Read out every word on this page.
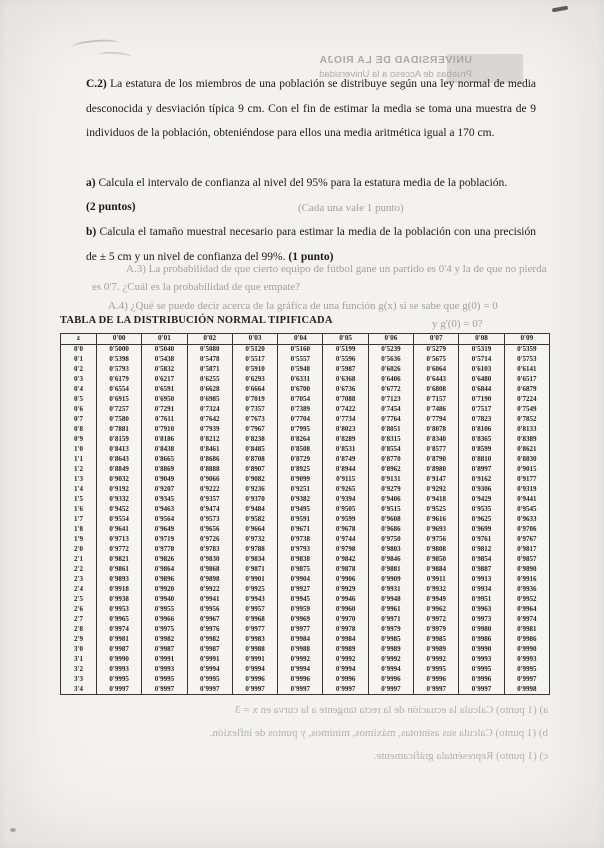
UNIVERSIDAD DE LA RIOJA
Pruebas de Acceso a la Universidad
C.2) La estatura de los miembros de una población se distribuye según una ley normal de media desconocida y desviación típica 9 cm. Con el fin de estimar la media se toma una muestra de 9 individuos de la población, obteniéndose para ellos una media aritmética igual a 170 cm.
a) Calcula el intervalo de confianza al nivel del 95% para la estatura media de la población.
(2 puntos)
b) Calcula el tamaño muestral necesario para estimar la media de la población con una precisión de ± 5 cm y un nivel de confianza del 99%. (1 punto)
(Cada una vale 1 punto)
A.3) La probabilidad de que cierto equipo de fútbol gane un partido es 0'4 y la de que no pierda
es 0'7. ¿Cuál es la probabilidad de que empate?
A.4) ¿Qué se puede decir acerca de la gráfica de una función g(x) si se sabe que g(0) = 0
y g'(0) = 0?
TABLA DE LA DISTRIBUCIÓN NORMAL TIPIFICADA
z	0'00	0'01	0'02	0'03	0'04	0'05	0'06	0'07	0'08	0'09
0'0	0'5000	0'5040	0'5080	0'5120	0'5160	0'5199	0'5239	0'5279	0'5319	0'5359
0'1	0'5398	0'5438	0'5478	0'5517	0'5557	0'5596	0'5636	0'5675	0'5714	0'5753
0'2	0'5793	0'5832	0'5871	0'5910	0'5948	0'5987	0'6026	0'6064	0'6103	0'6141
0'3	0'6179	0'6217	0'6255	0'6293	0'6331	0'6368	0'6406	0'6443	0'6480	0'6517
0'4	0'6554	0'6591	0'6628	0'6664	0'6700	0'6736	0'6772	0'6808	0'6844	0'6879
0'5	0'6915	0'6950	0'6985	0'7019	0'7054	0'7088	0'7123	0'7157	0'7190	0'7224
0'6	0'7257	0'7291	0'7324	0'7357	0'7389	0'7422	0'7454	0'7486	0'7517	0'7549
0'7	0'7580	0'7611	0'7642	0'7673	0'7704	0'7734	0'7764	0'7794	0'7823	0'7852
0'8	0'7881	0'7910	0'7939	0'7967	0'7995	0'8023	0'8051	0'8078	0'8106	0'8133
0'9	0'8159	0'8186	0'8212	0'8238	0'8264	0'8289	0'8315	0'8340	0'8365	0'8389
1'0	0'8413	0'8438	0'8461	0'8485	0'8508	0'8531	0'8554	0'8577	0'8599	0'8621
1'1	0'8643	0'8665	0'8686	0'8708	0'8729	0'8749	0'8770	0'8790	0'8810	0'8830
1'2	0'8849	0'8869	0'8888	0'8907	0'8925	0'8944	0'8962	0'8980	0'8997	0'9015
1'3	0'9032	0'9049	0'9066	0'9082	0'9099	0'9115	0'9131	0'9147	0'9162	0'9177
1'4	0'9192	0'9207	0'9222	0'9236	0'9251	0'9265	0'9279	0'9292	0'9306	0'9319
1'5	0'9332	0'9345	0'9357	0'9370	0'9382	0'9394	0'9406	0'9418	0'9429	0'9441
1'6	0'9452	0'9463	0'9474	0'9484	0'9495	0'9505	0'9515	0'9525	0'9535	0'9545
1'7	0'9554	0'9564	0'9573	0'9582	0'9591	0'9599	0'9608	0'9616	0'9625	0'9633
1'8	0'9641	0'9649	0'9656	0'9664	0'9671	0'9678	0'9686	0'9693	0'9699	0'9706
1'9	0'9713	0'9719	0'9726	0'9732	0'9738	0'9744	0'9750	0'9756	0'9761	0'9767
2'0	0'9772	0'9778	0'9783	0'9788	0'9793	0'9798	0'9803	0'9808	0'9812	0'9817
2'1	0'9821	0'9826	0'9830	0'9834	0'9838	0'9842	0'9846	0'9850	0'9854	0'9857
2'2	0'9861	0'9864	0'9868	0'9871	0'9875	0'9878	0'9881	0'9884	0'9887	0'9890
2'3	0'9893	0'9896	0'9898	0'9901	0'9904	0'9906	0'9909	0'9911	0'9913	0'9916
2'4	0'9918	0'9920	0'9922	0'9925	0'9927	0'9929	0'9931	0'9932	0'9934	0'9936
2'5	0'9938	0'9940	0'9941	0'9943	0'9945	0'9946	0'9948	0'9949	0'9951	0'9952
2'6	0'9953	0'9955	0'9956	0'9957	0'9959	0'9960	0'9961	0'9962	0'9963	0'9964
2'7	0'9965	0'9966	0'9967	0'9968	0'9969	0'9970	0'9971	0'9972	0'9973	0'9974
2'8	0'9974	0'9975	0'9976	0'9977	0'9977	0'9978	0'9979	0'9979	0'9980	0'9981
2'9	0'9981	0'9982	0'9982	0'9983	0'9984	0'9984	0'9985	0'9985	0'9986	0'9986
3'0	0'9987	0'9987	0'9987	0'9988	0'9988	0'9989	0'9989	0'9989	0'9990	0'9990
3'1	0'9990	0'9991	0'9991	0'9991	0'9992	0'9992	0'9992	0'9992	0'9993	0'9993
3'2	0'9993	0'9993	0'9994	0'9994	0'9994	0'9994	0'9994	0'9995	0'9995	0'9995
3'3	0'9995	0'9995	0'9995	0'9996	0'9996	0'9996	0'9996	0'9996	0'9996	0'9997
3'4	0'9997	0'9997	0'9997	0'9997	0'9997	0'9997	0'9997	0'9997	0'9997	0'9998
a) (1 punto) Calcula la ecuación de la recta tangente a la curva en x = 3
b) (1 punto) Calcula sus asíntotas, máximos, mínimos, y puntos de inflexión.
c) (1 punto) Represéntala gráficamente.
